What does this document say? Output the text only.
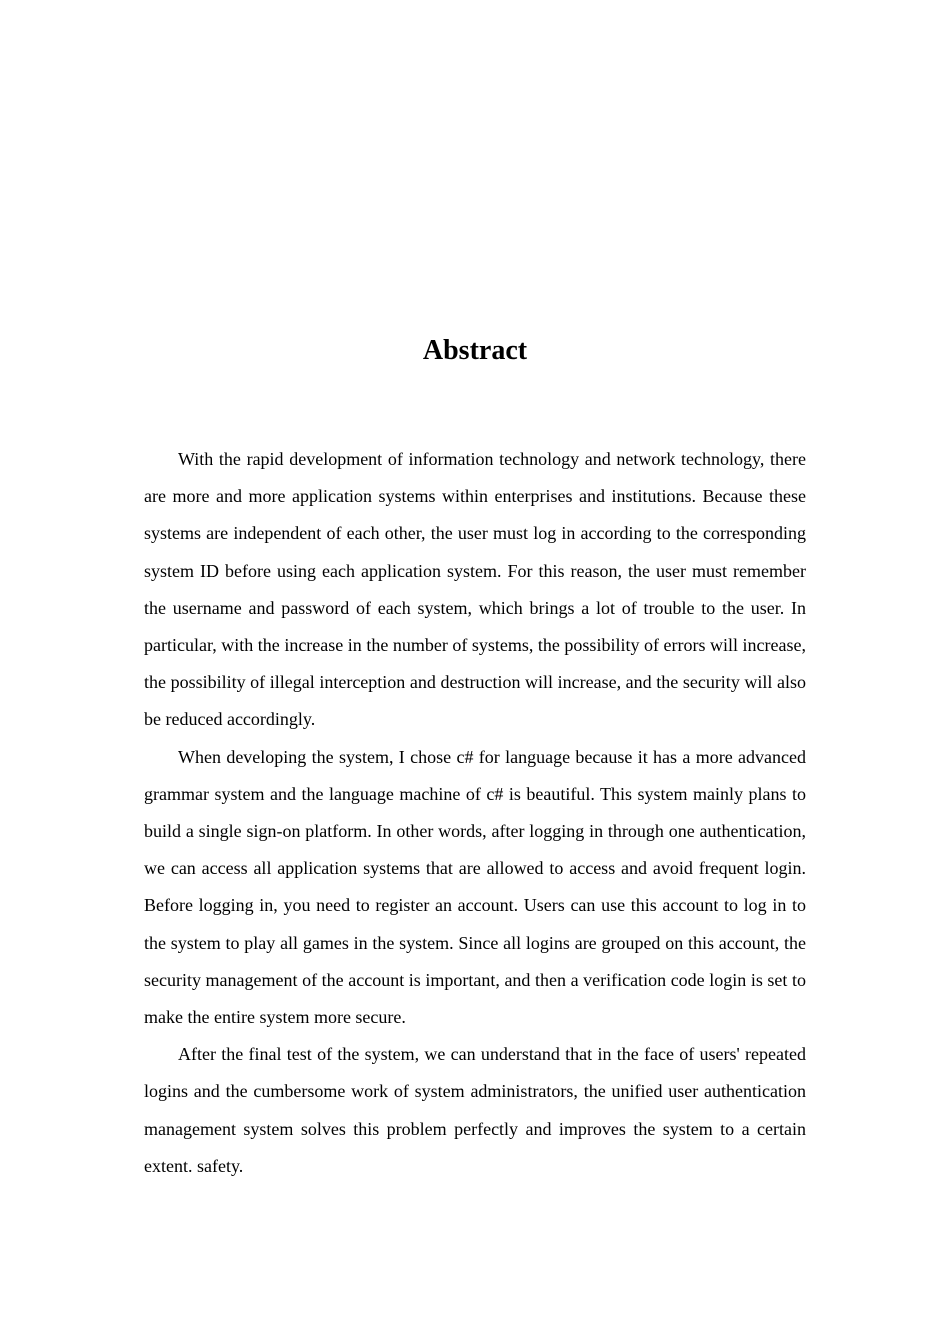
Abstract

With the rapid development of information technology and network technology, there are more and more application systems within enterprises and institutions. Because these systems are independent of each other, the user must log in according to the corresponding system ID before using each application system. For this reason, the user must remember the username and password of each system, which brings a lot of trouble to the user. In particular, with the increase in the number of systems, the possibility of errors will increase, the possibility of illegal interception and destruction will increase, and the security will also be reduced accordingly.

When developing the system, I chose c# for language because it has a more advanced grammar system and the language machine of c# is beautiful. This system mainly plans to build a single sign-on platform. In other words, after logging in through one authentication, we can access all application systems that are allowed to access and avoid frequent login. Before logging in, you need to register an account. Users can use this account to log in to the system to play all games in the system. Since all logins are grouped on this account, the security management of the account is important, and then a verification code login is set to make the entire system more secure.

After the final test of the system, we can understand that in the face of users' repeated logins and the cumbersome work of system administrators, the unified user authentication management system solves this problem perfectly and improves the system to a certain extent. safety.
